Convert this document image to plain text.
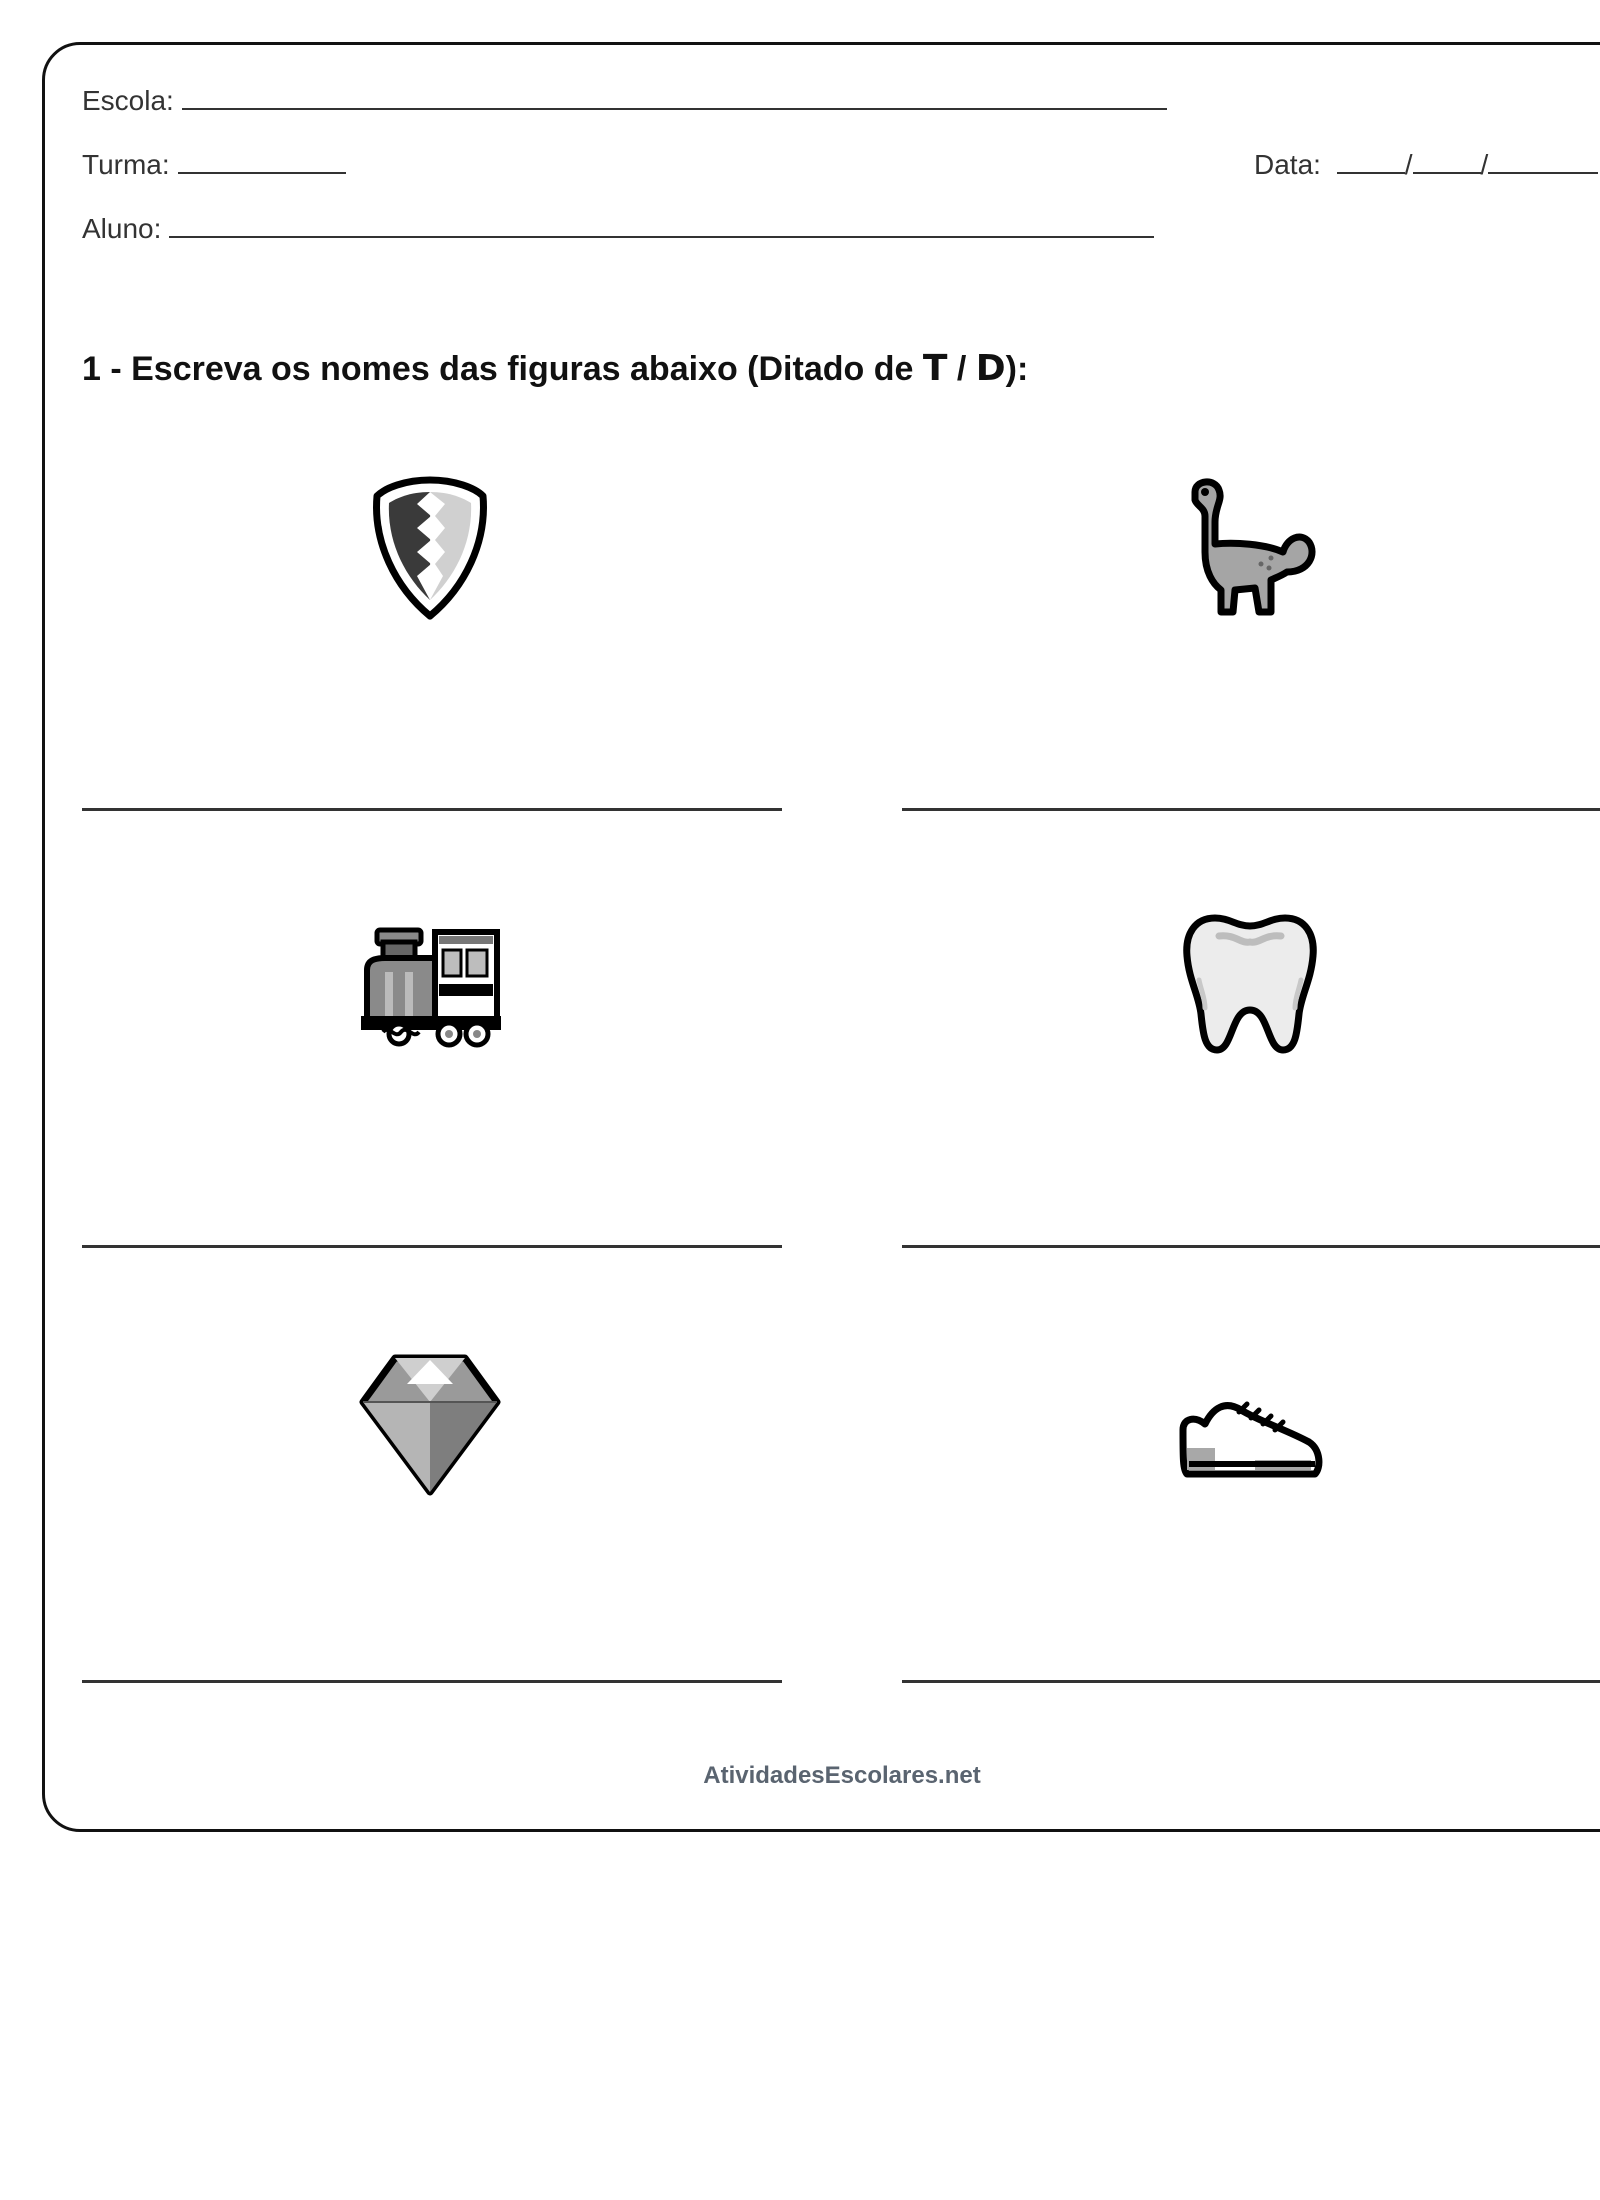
Escola:
Turma:	Data:	/ /
Aluno:
1 - Escreva os nomes das figuras abaixo (Ditado de T / D):
AtividadesEscolares.net
